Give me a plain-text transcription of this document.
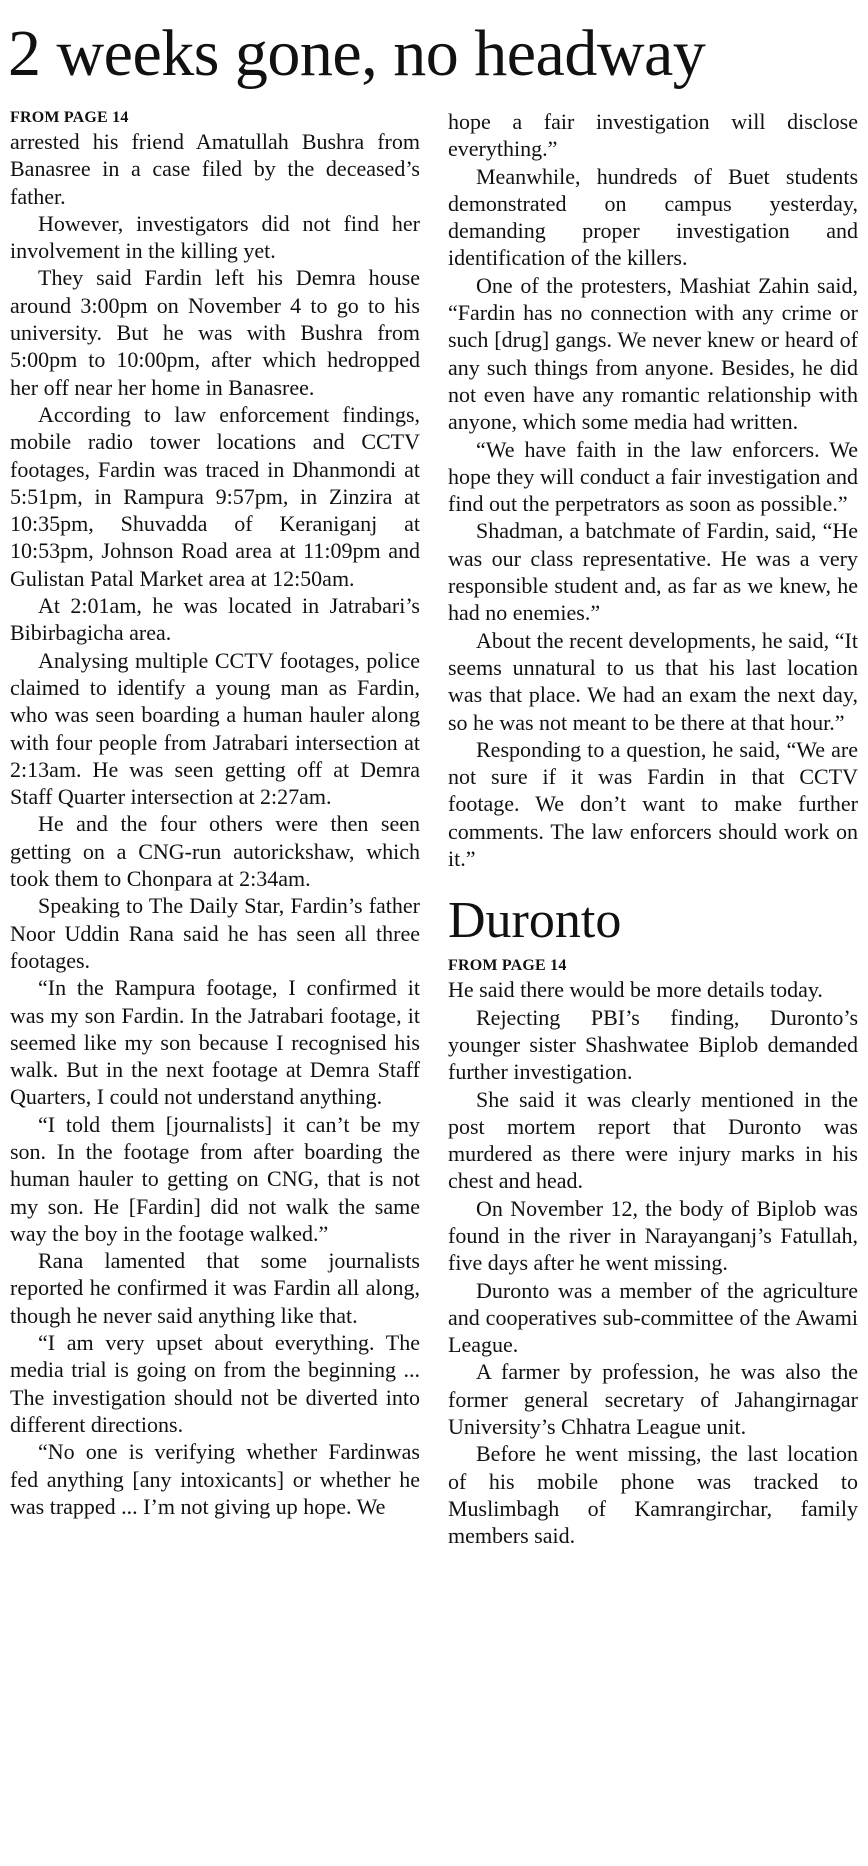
2 weeks gone, no headway

FROM PAGE 14

arrested his friend Amatullah Bushra from Banasree in a case filed by the deceased’s father.

However, investigators did not find her involvement in the killing yet.

They said Fardin left his Demra house around 3:00pm on November 4 to go to his university. But he was with Bushra from 5:00pm to 10:00pm, after which hedropped her off near her home in Banasree.

According to law enforcement findings, mobile radio tower locations and CCTV footages, Fardin was traced in Dhanmondi at 5:51pm, in Rampura 9:57pm, in Zinzira at 10:35pm, Shuvadda of Keraniganj at 10:53pm, Johnson Road area at 11:09pm and Gulistan Patal Market area at 12:50am.

At 2:01am, he was located in Jatrabari’s Bibirbagicha area.

Analysing multiple CCTV footages, police claimed to identify a young man as Fardin, who was seen boarding a human hauler along with four people from Jatrabari intersection at 2:13am. He was seen getting off at Demra Staff Quarter intersection at 2:27am.

He and the four others were then seen getting on a CNG-run autorickshaw, which took them to Chonpara at 2:34am.

Speaking to The Daily Star, Fardin’s father Noor Uddin Rana said he has seen all three footages.

“In the Rampura footage, I confirmed it was my son Fardin. In the Jatrabari footage, it seemed like my son because I recognised his walk. But in the next footage at Demra Staff Quarters, I could not understand anything.

“I told them [journalists] it can’t be my son. In the footage from after boarding the human hauler to getting on CNG, that is not my son. He [Fardin] did not walk the same way the boy in the footage walked.”

Rana lamented that some journalists reported he confirmed it was Fardin all along, though he never said anything like that.

“I am very upset about everything. The media trial is going on from the beginning ... The investigation should not be diverted into different directions.

“No one is verifying whether Fardinwas fed anything [any intoxicants] or whether he was trapped ... I’m not giving up hope. We

hope a fair investigation will disclose everything.”

Meanwhile, hundreds of Buet students demonstrated on campus yesterday, demanding proper investigation and identification of the killers.

One of the protesters, Mashiat Zahin said, “Fardin has no connection with any crime or such [drug] gangs. We never knew or heard of any such things from anyone. Besides, he did not even have any romantic relationship with anyone, which some media had written.

“We have faith in the law enforcers. We hope they will conduct a fair investigation and find out the perpetrators as soon as possible.”

Shadman, a batchmate of Fardin, said, “He was our class representative. He was a very responsible student and, as far as we knew, he had no enemies.”

About the recent developments, he said, “It seems unnatural to us that his last location was that place. We had an exam the next day, so he was not meant to be there at that hour.”

Responding to a question, he said, “We are not sure if it was Fardin in that CCTV footage. We don’t want to make further comments. The law enforcers should work on it.”

Duronto

FROM PAGE 14

He said there would be more details today.

Rejecting PBI’s finding, Duronto’s younger sister Shashwatee Biplob demanded further investigation.

She said it was clearly mentioned in the post mortem report that Duronto was murdered as there were injury marks in his chest and head.

On November 12, the body of Biplob was found in the river in Narayanganj’s Fatullah, five days after he went missing.

Duronto was a member of the agriculture and cooperatives sub-committee of the Awami League.

A farmer by profession, he was also the former general secretary of Jahangirnagar University’s Chhatra League unit.

Before he went missing, the last location of his mobile phone was tracked to Muslimbagh of Kamrangirchar, family members said.
